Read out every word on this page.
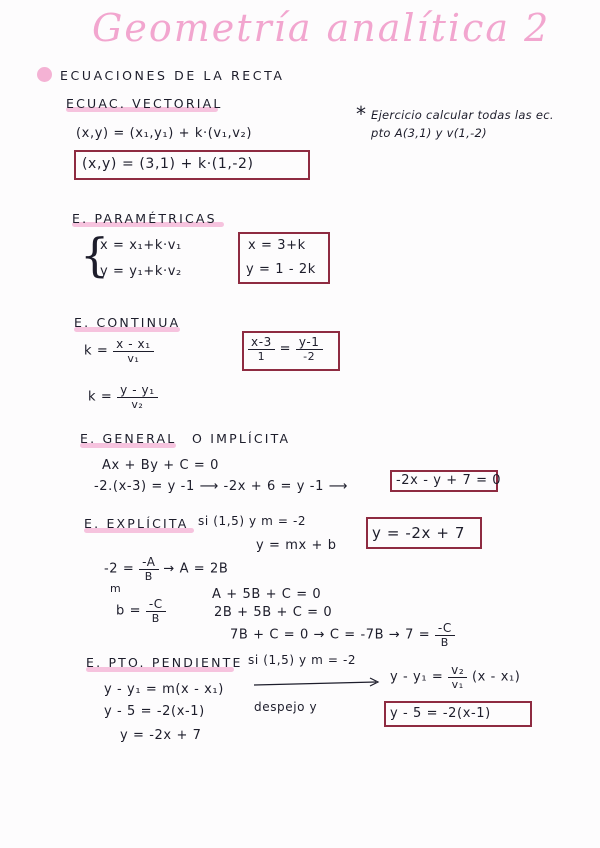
Geometría analítica 2
ECUACIONES DE LA RECTA
ECUAC. VECTORIAL
(x,y) = (x₁,y₁) + k·(v₁,v₂)
(x,y) = (3,1) + k·(1,-2)
* Ejercicio calcular todas las ec.
pto A(3,1) y v(1,-2)
E. PARAMÉTRICAS
{
x = x₁+k·v₁
y = y₁+k·v₂
x = 3+k
y = 1 - 2k
E. CONTINUA
$k = \frac{\text{x - x₁}}{\text{v₁}}$
$k = \frac{\text{y - y₁}}{\text{v₂}}$
$\frac{x-3}{1} = \frac{y-1}{-2}$
E. GENERAL O IMPLÍCITA
Ax + By + C = 0
-2.(x-3) = y -1 ⟶ -2x + 6 = y -1 ⟶	-2x - y + 7 = 0
E. EXPLÍCITA si (1,5) y m = -2
y = mx + b
y = -2x + 7
$-2 = \frac{-A}{B} \to A = 2B$
m
$b = \frac{-C}{B}$
A + 5B + C = 0
2B + 5B + C = 0
$7B + C = 0 \to C = -7B \to 7 = \frac{-C}{B}$
E. PTO. PENDIENTE si (1,5) y m = -2
y - y₁ = m(x - x₁)
$y - y_1 = \frac{\text{v₂}}{\text{v₁}} (x - x_1)$
y - 5 = -2(x-1)	despejo y
y = -2x + 7
y - 5 = -2(x-1)
